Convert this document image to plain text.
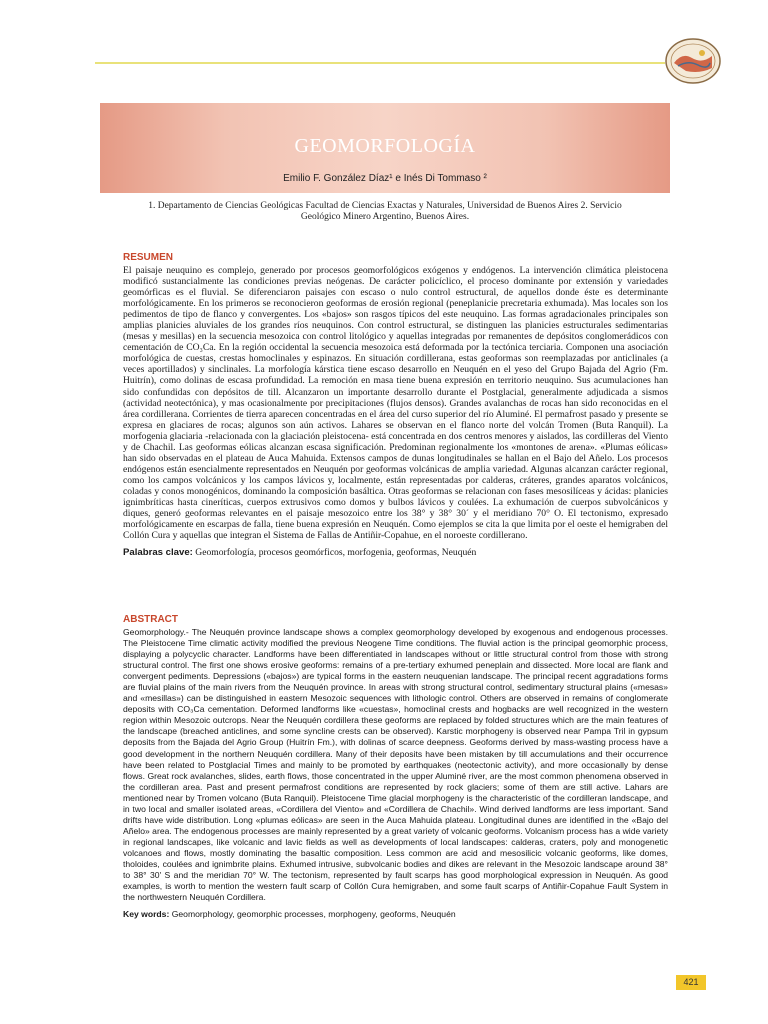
GEOMORFOLOGÍA
Emilio F. González Díaz¹ e Inés Di Tommaso ²
1. Departamento de Ciencias Geológicas Facultad de Ciencias Exactas y Naturales, Universidad de Buenos Aires 2. Servicio Geológico Minero Argentino, Buenos Aires.
RESUMEN

El paisaje neuquino es complejo, generado por procesos geomorfológicos exógenos y endógenos. La intervención climática pleistocena modificó sustancialmente las condiciones previas neógenas. De carácter policíclico, el proceso dominante por extensión y variedades geomórficas es el fluvial. Se diferenciaron paisajes con escaso o nulo control estructural, de aquellos donde éste es determinante morfológicamente. En los primeros se reconocieron geoformas de erosión regional (peneplanicie precretaria exhumada). Mas locales son los pedimentos de tipo de flanco y convergentes. Los «bajos» son rasgos típicos del este neuquino. Las formas agradacionales principales son amplias planicies aluviales de los grandes ríos neuquinos. Con control estructural, se distinguen las planicies estructurales sedimentarias (mesas y mesillas) en la secuencia mesozoica con control litológico y aquellas integradas por remanentes de depósitos conglomerádicos con cementación de CO₃Ca. En la región occidental la secuencia mesozoica está deformada por la tectónica terciaria. Componen una asociación morfológica de cuestas, crestas homoclinales y espinazos. En situación cordillerana, estas geoformas son reemplazadas por anticlinales (a veces aportillados) y sinclinales. La morfología kárstica tiene escaso desarrollo en Neuquén en el yeso del Grupo Bajada del Agrio (Fm. Huitrín), como dolinas de escasa profundidad. La remoción en masa tiene buena expresión en territorio neuquino. Sus acumulaciones han sido confundidas con depósitos de till. Alcanzaron un importante desarrollo durante el Postglacial, generalmente adjudicada a sismos (actividad neotectónica), y mas ocasionalmente por precipitaciones (flujos densos). Grandes avalanchas de rocas han sido reconocidas en el área cordillerana. Corrientes de tierra aparecen concentradas en el área del curso superior del río Aluminé. El permafrost pasado y presente se expresa en glaciares de rocas; algunos son aún activos. Lahares se observan en el flanco norte del volcán Tromen (Buta Ranquil). La morfogenia glaciaria -relacionada con la glaciación pleistocena- está concentrada en dos centros menores y aislados, las cordilleras del Viento y de Chachil. Las geoformas eólicas alcanzan escasa significación. Predominan regionalmente los «montones de arena». «Plumas eólicas» han sido observadas en el plateau de Auca Mahuida. Extensos campos de dunas longitudinales se hallan en el Bajo del Añelo. Los procesos endógenos están esencialmente representados en Neuquén por geoformas volcánicas de amplia variedad. Algunas alcanzan carácter regional, como los campos volcánicos y los campos lávicos y, localmente, están representadas por calderas, cráteres, grandes aparatos volcánicos, coladas y conos monogénicos, dominando la composición basáltica. Otras geoformas se relacionan con fases mesosilíceas y ácidas: planicies ignimbríticas hasta cineríticas, cuerpos extrusivos como domos y bulbos lávicos y coulées. La exhumación de cuerpos subvolcánicos y diques, generó geoformas relevantes en el paisaje mesozoico entre los 38° y 38° 30´ y el meridiano 70° O. El tectonismo, expresado morfológicamente en escarpas de falla, tiene buena expresión en Neuquén. Como ejemplos se cita la que limita por el oeste el hemigraben del Collón Cura y aquellas que integran el Sistema de Fallas de Antiñir-Copahue, en el noroeste cordillerano.

Palabras clave: Geomorfología, procesos geomórficos, morfogenia, geoformas, Neuquén

ABSTRACT

Geomorphology.- The Neuquén province landscape shows a complex geomorphology developed by exogenous and endogenous processes. The Pleistocene Time climatic activity modified the previous Neogene Time conditions. The fluvial action is the principal geomorphic process, displaying a polycyclic character. Landforms have been differentiated in landscapes without or little structural control from those with strong structural control. The first one shows erosive geoforms: remains of a pre-tertiary exhumed peneplain and dissected. More local are flank and convergent pediments. Depressions («bajos») are typical forms in the eastern neuquenian landscape. The principal recent aggradations forms are fluvial plains of the main rivers from the Neuquén province. In areas with strong structural control, sedimentary structural plains («mesas» and «mesillas») can be distinguished in eastern Mesozoic sequences with lithologic control. Others are observed in remains of conglomerate deposits with CO₃Ca cementation. Deformed landforms like «cuestas», homoclinal crests and hogbacks are well recognized in the western region within Mesozoic outcrops. Near the Neuquén cordillera these geoforms are replaced by folded structures which are the main features of the landscape (breached anticlines, and some syncline crests can be observed). Karstic morphogeny is observed near Pampa Tril in gypsum deposits from the Bajada del Agrio Group (Huitrín Fm.), with dolinas of scarce deepness. Geoforms derived by mass-wasting process have a good development in the northern Neuquén cordillera. Many of their deposits have been mistaken by till accumulations and their occurrence have been related to Postglacial Times and mainly to be promoted by earthquakes (neotectonic activity), and more occasionally by dense flows. Great rock avalanches, slides, earth flows, those concentrated in the upper Aluminé river, are the most common phenomena observed in the cordilleran area. Past and present permafrost conditions are represented by rock glaciers; some of them are still active. Lahars are mentioned near by Tromen volcano (Buta Ranquil). Pleistocene Time glacial morphogeny is the characteristic of the cordilleran landscape, and in two local and smaller isolated areas, «Cordillera del Viento» and «Cordillera de Chachil». Wind derived landforms are less important. Sand drifts have wide distribution. Long «plumas eólicas» are seen in the Auca Mahuida plateau. Longitudinal dunes are identified in the «Bajo del Añelo» area. The endogenous processes are mainly represented by a great variety of volcanic geoforms. Volcanism process has a wide variety in regional landscapes, like volcanic and lavic fields as well as developments of local landscapes: calderas, craters, poly and monogenetic volcanoes and flows, mostly dominating the basaltic composition. Less common are acid and mesosilicic volcanic geoforms, like domes, tholoides, coulées and ignimbrite plains. Exhumed intrusive, subvolcanic bodies and dikes are relevant in the Mesozoic landscape around 38° to 38° 30' S and the meridian 70° W. The tectonism, represented by fault scarps has good morphological expression in Neuquén. As good examples, is worth to mention the western fault scarp of Collón Cura hemigraben, and some fault scarps of Antiñir-Copahue Fault System in the northwestern Neuquén Cordillera.

Key words: Geomorphology, geomorphic processes, morphogeny, geoforms, Neuquén

421
